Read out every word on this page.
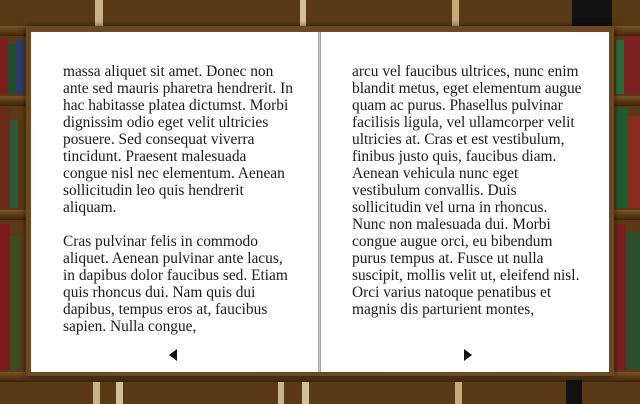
massa aliquet sit amet. Donec non ante sed mauris pharetra hendrerit. In hac habitasse platea dictumst. Morbi dignissim odio eget velit ultricies posuere. Sed consequat viverra tincidunt. Praesent malesuada congue nisl nec elementum. Aenean sollicitudin leo quis hendrerit aliquam.

Cras pulvinar felis in commodo aliquet. Aenean pulvinar ante lacus, in dapibus dolor faucibus sed. Etiam quis rhoncus dui. Nam quis dui dapibus, tempus eros at, faucibus sapien. Nulla congue,

arcu vel faucibus ultrices, nunc enim blandit metus, eget elementum augue quam ac purus. Phasellus pulvinar facilisis ligula, vel ullamcorper velit ultricies at. Cras et est vestibulum, finibus justo quis, faucibus diam. Aenean vehicula nunc eget vestibulum convallis. Duis sollicitudin vel urna in rhoncus. Nunc non malesuada dui. Morbi congue augue orci, eu bibendum purus tempus at. Fusce ut nulla suscipit, mollis velit ut, eleifend nisl. Orci varius natoque penatibus et magnis dis parturient montes,
